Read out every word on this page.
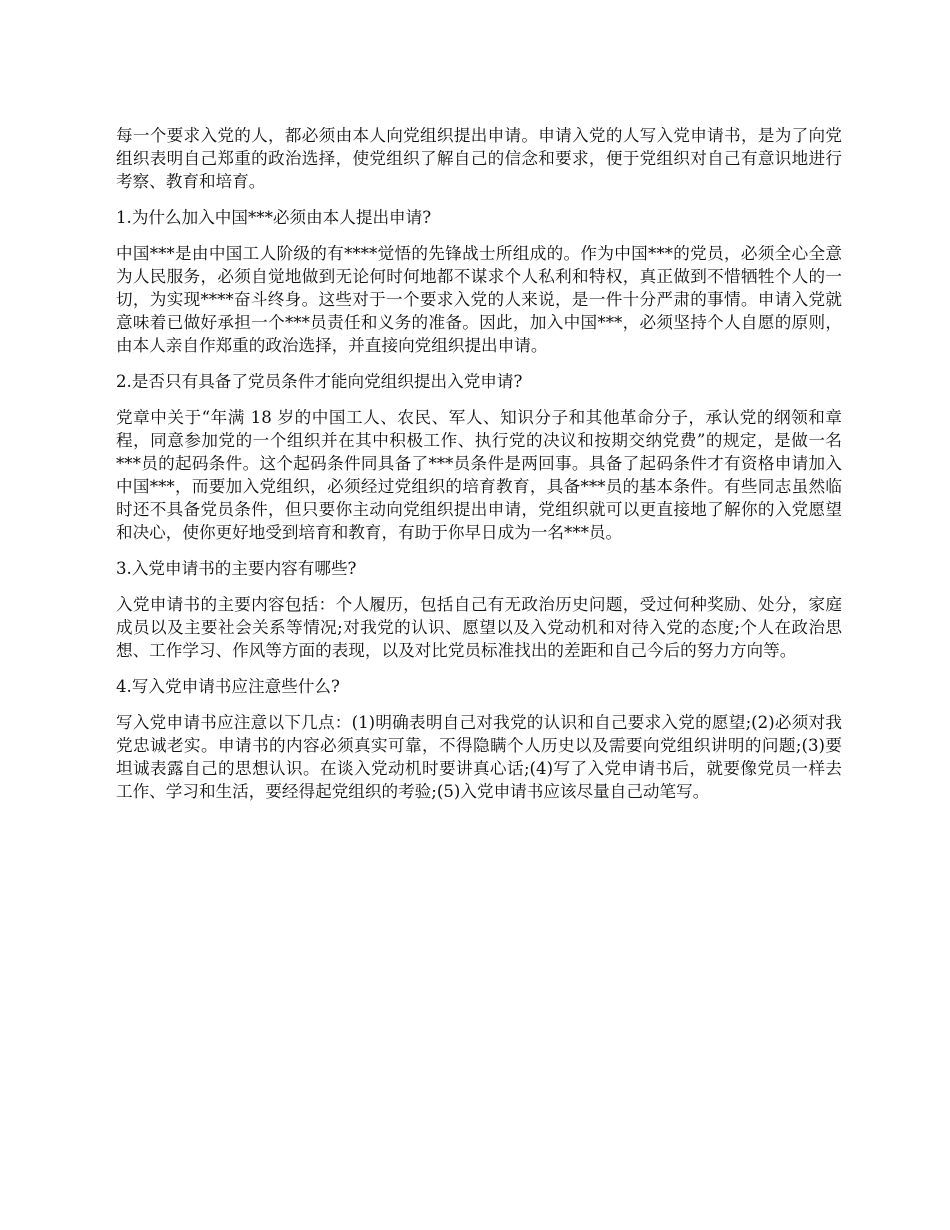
每一个要求入党的人，都必须由本人向党组织提出申请。申请入党的人写入党申请书，是为了向党组织表明自己郑重的政治选择，使党组织了解自己的信念和要求，便于党组织对自己有意识地进行考察、教育和培育。

1.为什么加入中国***必须由本人提出申请?

中国***是由中国工人阶级的有****觉悟的先锋战士所组成的。作为中国***的党员，必须全心全意为人民服务，必须自觉地做到无论何时何地都不谋求个人私利和特权，真正做到不惜牺牲个人的一切，为实现****奋斗终身。这些对于一个要求入党的人来说，是一件十分严肃的事情。申请入党就意味着已做好承担一个***员责任和义务的准备。因此，加入中国***，必须坚持个人自愿的原则，由本人亲自作郑重的政治选择，并直接向党组织提出申请。

2.是否只有具备了党员条件才能向党组织提出入党申请?

党章中关于“年满 18 岁的中国工人、农民、军人、知识分子和其他革命分子，承认党的纲领和章程，同意参加党的一个组织并在其中积极工作、执行党的决议和按期交纳党费”的规定，是做一名***员的起码条件。这个起码条件同具备了***员条件是两回事。具备了起码条件才有资格申请加入中国***，而要加入党组织，必须经过党组织的培育教育，具备***员的基本条件。有些同志虽然临时还不具备党员条件，但只要你主动向党组织提出申请，党组织就可以更直接地了解你的入党愿望和决心，使你更好地受到培育和教育，有助于你早日成为一名***员。

3.入党申请书的主要内容有哪些?

入党申请书的主要内容包括：个人履历，包括自己有无政治历史问题，受过何种奖励、处分，家庭成员以及主要社会关系等情况;对我党的认识、愿望以及入党动机和对待入党的态度;个人在政治思想、工作学习、作风等方面的表现，以及对比党员标准找出的差距和自己今后的努力方向等。

4.写入党申请书应注意些什么?

写入党申请书应注意以下几点：(1)明确表明自己对我党的认识和自己要求入党的愿望;(2)必须对我党忠诚老实。申请书的内容必须真实可靠，不得隐瞒个人历史以及需要向党组织讲明的问题;(3)要坦诚表露自己的思想认识。在谈入党动机时要讲真心话;(4)写了入党申请书后，就要像党员一样去工作、学习和生活，要经得起党组织的考验;(5)入党申请书应该尽量自己动笔写。
